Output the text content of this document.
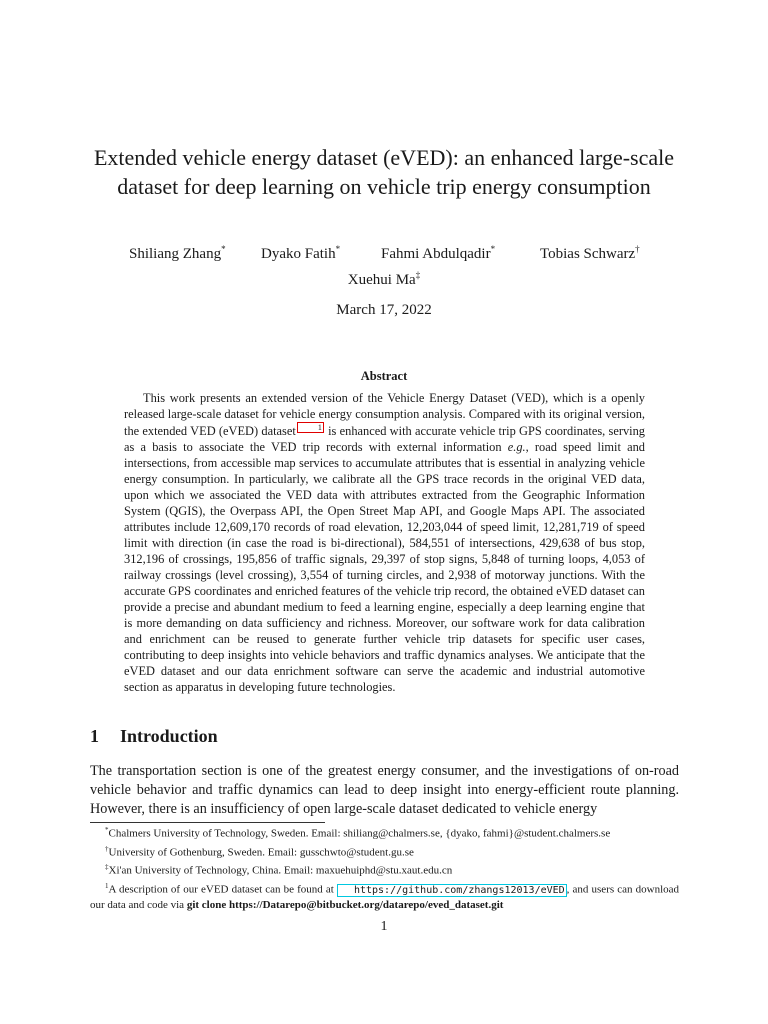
Extended vehicle energy dataset (eVED): an enhanced large-scale dataset for deep learning on vehicle trip energy consumption
Shiliang Zhang* Dyako Fatih*	Fahmi Abdulqadir*	Tobias Schwarz†
Xuehui Ma‡
March 17, 2022
Abstract

This work presents an extended version of the Vehicle Energy Dataset (VED), which is a openly released large-scale dataset for vehicle energy consumption analysis. Compared with its original version, the extended VED (eVED) dataset	1 is enhanced with accurate vehicle trip GPS coordinates, serving as a basis to associate the VED trip records with external information e.g., road speed limit and intersections, from accessible map services to accumulate attributes that is essential in analyzing vehicle energy consumption. In particularly, we calibrate all the GPS trace records in the original VED data, upon which we associated the VED data with attributes extracted from the Geographic Information System (QGIS), the Overpass API, the Open Street Map API, and Google Maps API. The associated attributes include 12,609,170 records of road elevation, 12,203,044 of speed limit, 12,281,719 of speed limit with direction (in case the road is bi-directional), 584,551 of intersections, 429,638 of bus stop, 312,196 of crossings, 195,856 of traffic signals, 29,397 of stop signs, 5,848 of turning loops, 4,053 of railway crossings (level crossing), 3,554 of turning circles, and 2,938 of motorway junctions. With the accurate GPS coordinates and enriched features of the vehicle trip record, the obtained eVED dataset can provide a precise and abundant medium to feed a learning engine, especially a deep learning engine that is more demanding on data sufficiency and richness. Moreover, our software work for data calibration and enrichment can be reused to generate further vehicle trip datasets for specific user cases, contributing to deep insights into vehicle behaviors and traffic dynamics analyses. We anticipate that the eVED dataset and our data enrichment software can serve the academic and industrial automotive section as apparatus in developing future technologies.

1 Introduction

The transportation section is one of the greatest energy consumer, and the investigations of on-road vehicle behavior and traffic dynamics can lead to deep insight into energy-efficient route planning. However, there is an insufficiency of open large-scale dataset dedicated to vehicle energy

*Chalmers University of Technology, Sweden. Email: shiliang@chalmers.se, {dyako, fahmi}@student.chalmers.se

†University of Gothenburg, Sweden. Email: gusschwto@student.gu.se

‡Xi'an University of Technology, China. Email: maxuehuiphd@stu.xaut.edu.cn

$^1$A description of our eVED dataset can be found at https://github.com/zhangs12013/eVED , and users can download our data and code via git clone https://Datarepo@bitbucket.org/datarepo/eved_dataset.git

1
